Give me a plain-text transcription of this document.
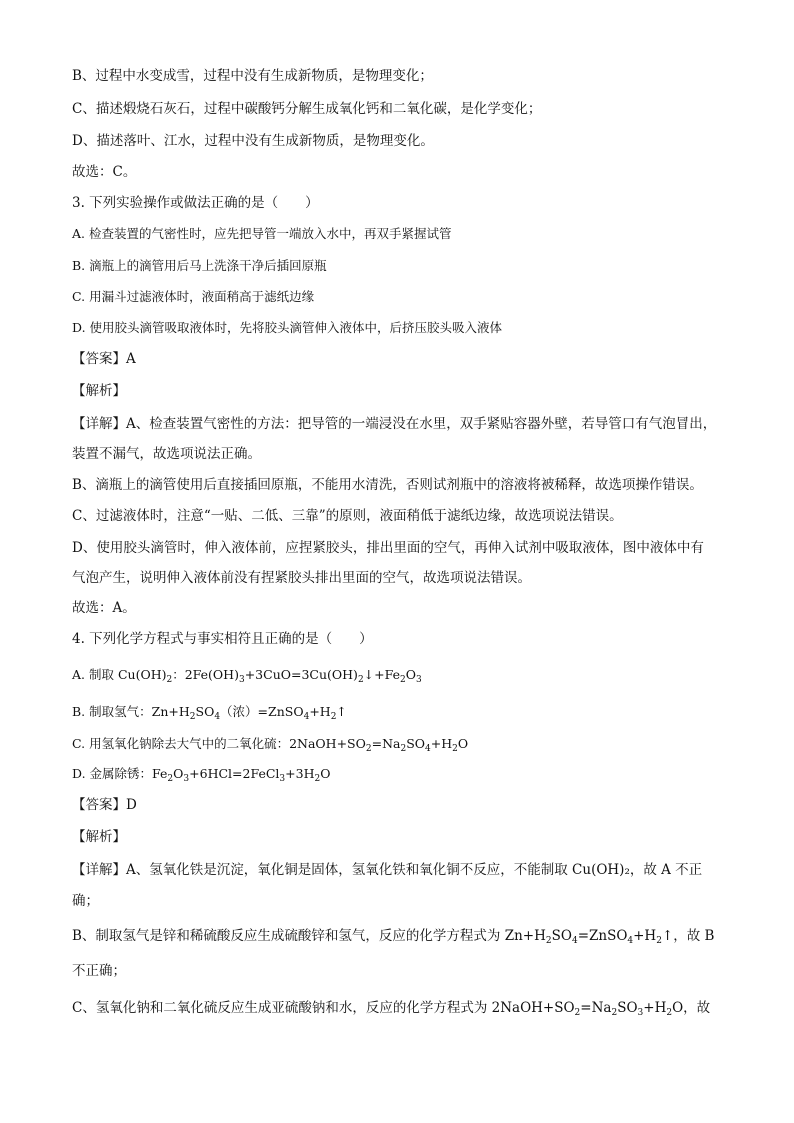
B、过程中水变成雪，过程中没有生成新物质，是物理变化；
C、描述煅烧石灰石，过程中碳酸钙分解生成氧化钙和二氧化碳，是化学变化；
D、描述落叶、江水，过程中没有生成新物质，是物理变化。
故选：C。
3. 下列实验操作或做法正确的是（　　）
A. 检查装置的气密性时，应先把导管一端放入水中，再双手紧握试管
B. 滴瓶上的滴管用后马上洗涤干净后插回原瓶
C. 用漏斗过滤液体时，液面稍高于滤纸边缘
D. 使用胶头滴管吸取液体时，先将胶头滴管伸入液体中，后挤压胶头吸入液体
【答案】A
【解析】
【详解】A、检查装置气密性的方法：把导管的一端浸没在水里，双手紧贴容器外壁，若导管口有气泡冒出，
装置不漏气，故选项说法正确。
B、滴瓶上的滴管使用后直接插回原瓶，不能用水清洗，否则试剂瓶中的溶液将被稀释，故选项操作错误。
C、过滤液体时，注意“一贴、二低、三靠”的原则，液面稍低于滤纸边缘，故选项说法错误。
D、使用胶头滴管时，伸入液体前，应捏紧胶头，排出里面的空气，再伸入试剂中吸取液体，图中液体中有
气泡产生，说明伸入液体前没有捏紧胶头排出里面的空气，故选项说法错误。
故选：A。
4. 下列化学方程式与事实相符且正确的是（　　）
A. 制取 $Cu(OH)_2$：$2Fe(OH)_3+3CuO=3Cu(OH)_2↓+Fe_2O_3$
B. 制取氢气：$Zn+H_2SO_4$（浓）$=ZnSO_4+H_2↑$
C. 用氢氧化钠除去大气中的二氧化硫：$2NaOH+SO_2=Na_2SO_4+H_2O$
D. 金属除锈：$Fe_2O_3+6HCl=2FeCl_3+3H_2O$
【答案】D
【解析】
【详解】A、氢氧化铁是沉淀，氧化铜是固体，氢氧化铁和氧化铜不反应，不能制取 Cu(OH)₂，故 A 不正
确；
B、制取氢气是锌和稀硫酸反应生成硫酸锌和氢气，反应的化学方程式为 $Zn+H_2SO_4=ZnSO_4+H_2↑$，故 B
不正确；
C、氢氧化钠和二氧化硫反应生成亚硫酸钠和水，反应的化学方程式为 $2NaOH+SO_2=Na_2SO_3+H_2O$，故
